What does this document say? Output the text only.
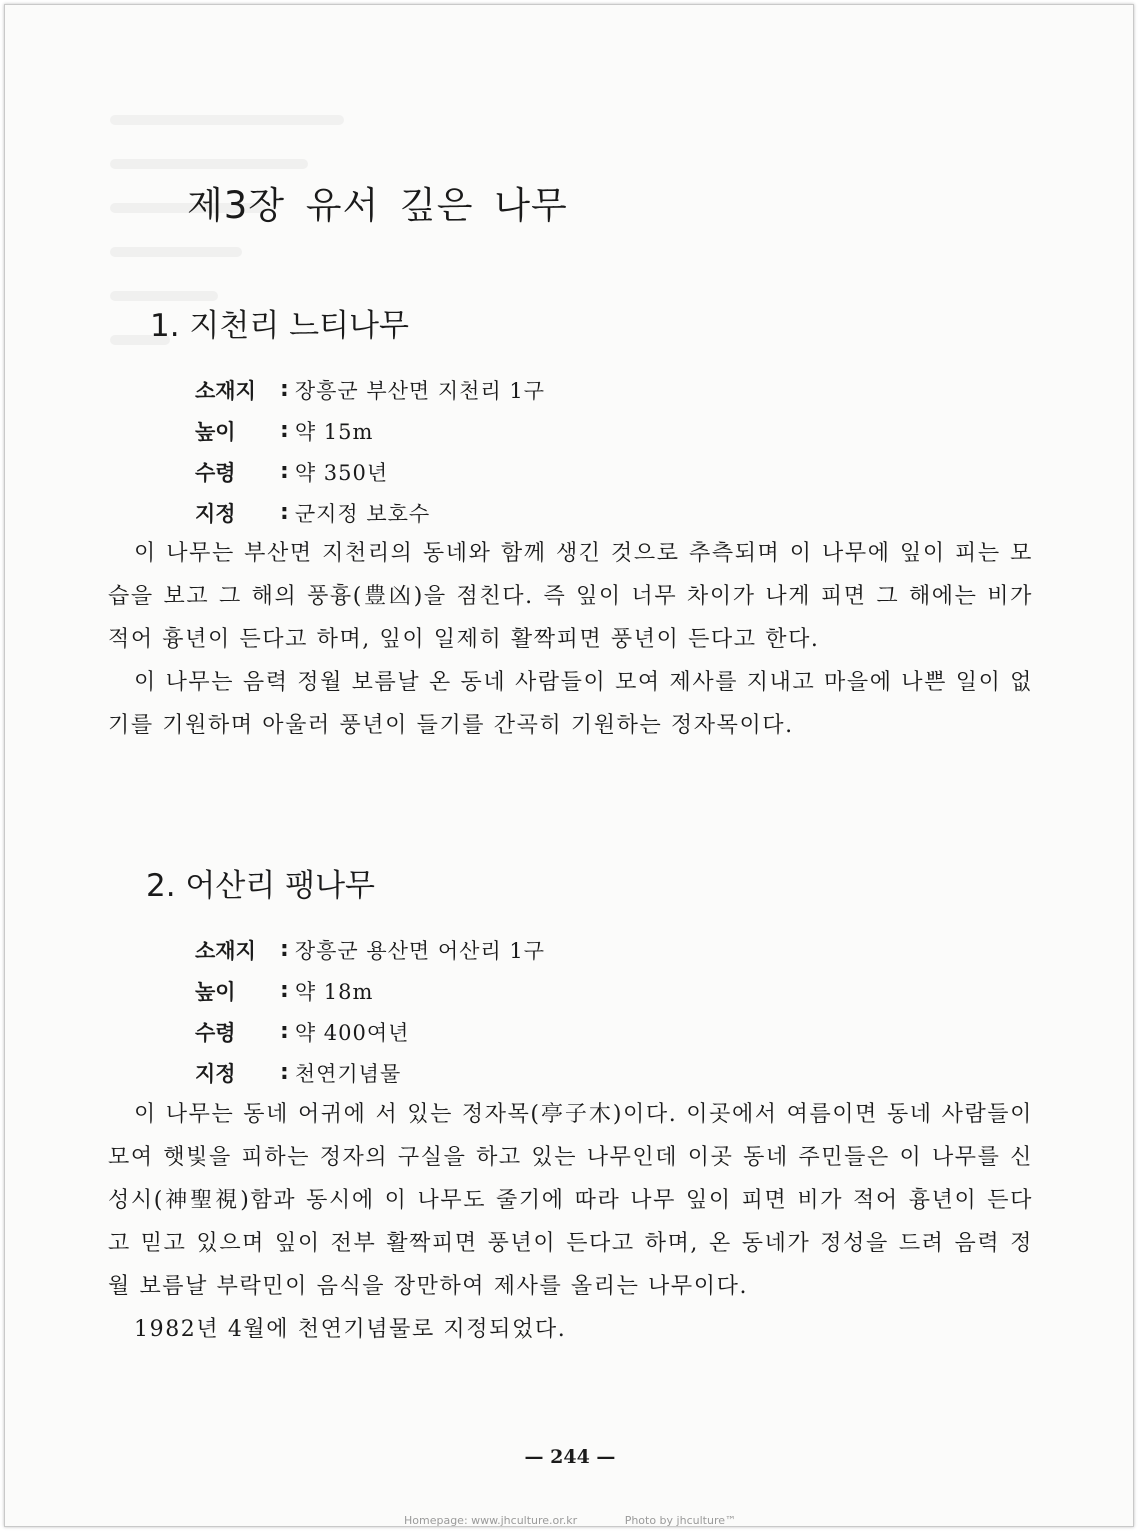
제3장 유서 깊은 나무
1. 지천리 느티나무
소재지	: 장흥군 부산면 지천리 1구
높이	: 약 15m
수령	: 약 350년
지정	: 군지정 보호수

이 나무는 부산면 지천리의 동네와 함께 생긴 것으로 추측되며 이 나무에 잎이 피는 모습을 보고 그 해의 풍흉(豊凶)을 점친다. 즉 잎이 너무 차이가 나게 피면 그 해에는 비가 적어 흉년이 든다고 하며, 잎이 일제히 활짝피면 풍년이 든다고 한다.

이 나무는 음력 정월 보름날 온 동네 사람들이 모여 제사를 지내고 마을에 나쁜 일이 없기를 기원하며 아울러 풍년이 들기를 간곡히 기원하는 정자목이다.

2. 어산리 팽나무
소재지	: 장흥군 용산면 어산리 1구
높이	: 약 18m
수령	: 약 400여년
지정	: 천연기념물

이 나무는 동네 어귀에 서 있는 정자목(亭子木)이다. 이곳에서 여름이면 동네 사람들이 모여 햇빛을 피하는 정자의 구실을 하고 있는 나무인데 이곳 동네 주민들은 이 나무를 신성시(神聖視)함과 동시에 이 나무도 줄기에 따라 나무 잎이 피면 비가 적어 흉년이 든다고 믿고 있으며 잎이 전부 활짝피면 풍년이 든다고 하며, 온 동네가 정성을 드려 음력 정월 보름날 부락민이 음식을 장만하여 제사를 올리는 나무이다.

1982년 4월에 천연기념물로 지정되었다.

— 244 —
Homepage: www.jhculture.or.kr	Photo by jhculture™
